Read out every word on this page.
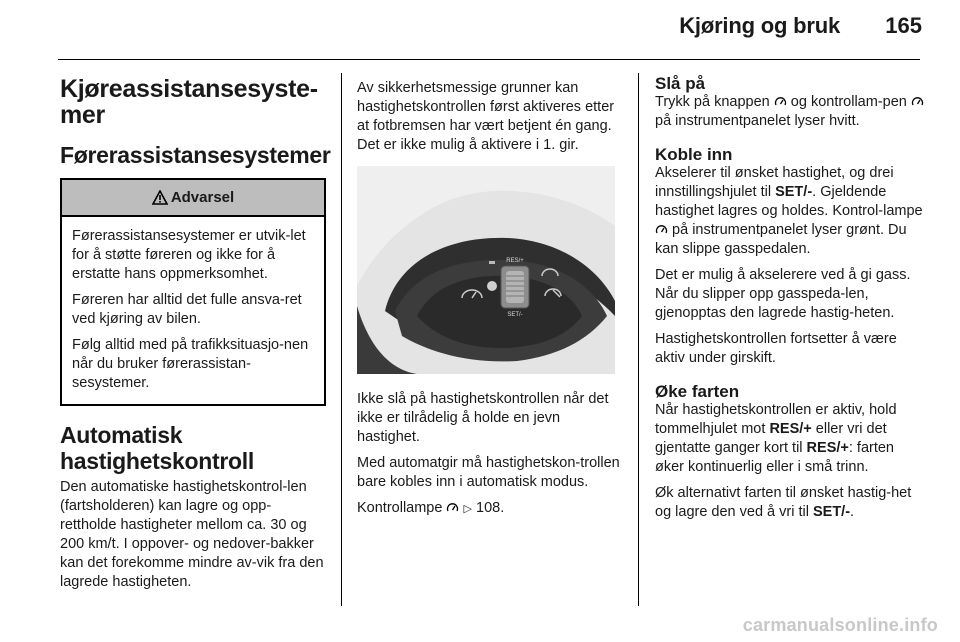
Kjøring og bruk 165
Kjøreassistansesyste-
mer
Førerassistansesystemer
Advarsel

Førerassistansesystemer er utvik-let for å støtte føreren og ikke for å erstatte hans oppmerksomhet.

Føreren har alltid det fulle ansva-ret ved kjøring av bilen.

Følg alltid med på trafikksituasjo-nen når du bruker førerassistan-sesystemer.

Automatisk
hastighetskontroll

Den automatiske hastighetskontrol-len (fartsholderen) kan lagre og opp-rettholde hastigheter mellom ca. 30 og 200 km/t. I oppover- og nedover-bakker kan det forekomme mindre av-vik fra den lagrede hastigheten.

Av sikkerhetsmessige grunner kan hastighetskontrollen først aktiveres etter at fotbremsen har vært betjent én gang. Det er ikke mulig å aktivere i 1. gir.

RES/+
SET/-

Ikke slå på hastighetskontrollen når det ikke er tilrådelig å holde en jevn hastighet.

Med automatgir må hastighetskon-trollen bare kobles inn i automatisk modus.

Kontrollampe ▷ 108.

Slå på

Trykk på knappen og kontrollam-pen  på instrumentpanelet lyser hvitt.

Koble inn

Akselerer til ønsket hastighet, og drei innstillingshjulet til SET/-. Gjeldende hastighet lagres og holdes. Kontrol-lampe  på instrumentpanelet lyser grønt. Du kan slippe gasspedalen.

Det er mulig å akselerere ved å gi gass. Når du slipper opp gasspeda-len, gjenopptas den lagrede hastig-heten.

Hastighetskontrollen fortsetter å være aktiv under girskift.

Øke farten

Når hastighetskontrollen er aktiv, hold tommelhjulet mot RES/+ eller vri det gjentatte ganger kort til RES/+: farten øker kontinuerlig eller i små trinn.

Øk alternativt farten til ønsket hastig-het og lagre den ved å vri til SET/-.

carmanualsonline.info
